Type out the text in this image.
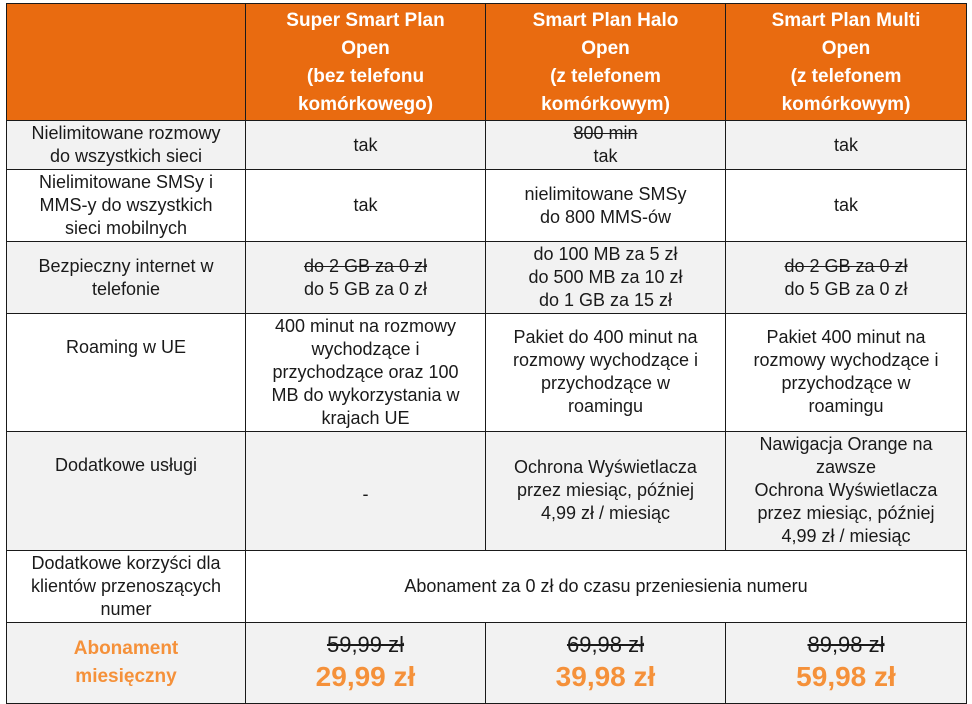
	Super Smart Plan
Open
(bez telefonu
komórkowego)	Smart Plan Halo
Open
(z telefonem
komórkowym)	Smart Plan Multi
Open
(z telefonem
komórkowym)

Nielimitowane rozmowy
do wszystkich sieci	tak	800 min
tak	tak

Nielimitowane SMSy i
MMS-y do wszystkich
sieci mobilnych	tak	nielimitowane SMSy
do 800 MMS-ów	tak

Bezpieczny internet w
telefonie	do 2 GB za 0 zł
do 5 GB za 0 zł	do 100 MB za 5 zł
do 500 MB za 10 zł
do 1 GB za 15 zł	do 2 GB za 0 zł
do 5 GB za 0 zł

Roaming w UE	400 minut na rozmowy
wychodzące i
przychodzące oraz 100
MB do wykorzystania w
krajach UE	Pakiet do 400 minut na
rozmowy wychodzące i
przychodzące w
roamingu	Pakiet 400 minut na
rozmowy wychodzące i
przychodzące w
roamingu

Dodatkowe usługi	-	Ochrona Wyświetlacza
przez miesiąc, później
4,99 zł / miesiąc	Nawigacja Orange na
zawsze
Ochrona Wyświetlacza
przez miesiąc, później
4,99 zł / miesiąc

Dodatkowe korzyści dla
klientów przenoszących
numer	Abonament za 0 zł do czasu przeniesienia numeru		

Abonament
miesięczny	59,99 zł
29,99 zł	69,98 zł
39,98 zł	89,98 zł
59,98 zł
